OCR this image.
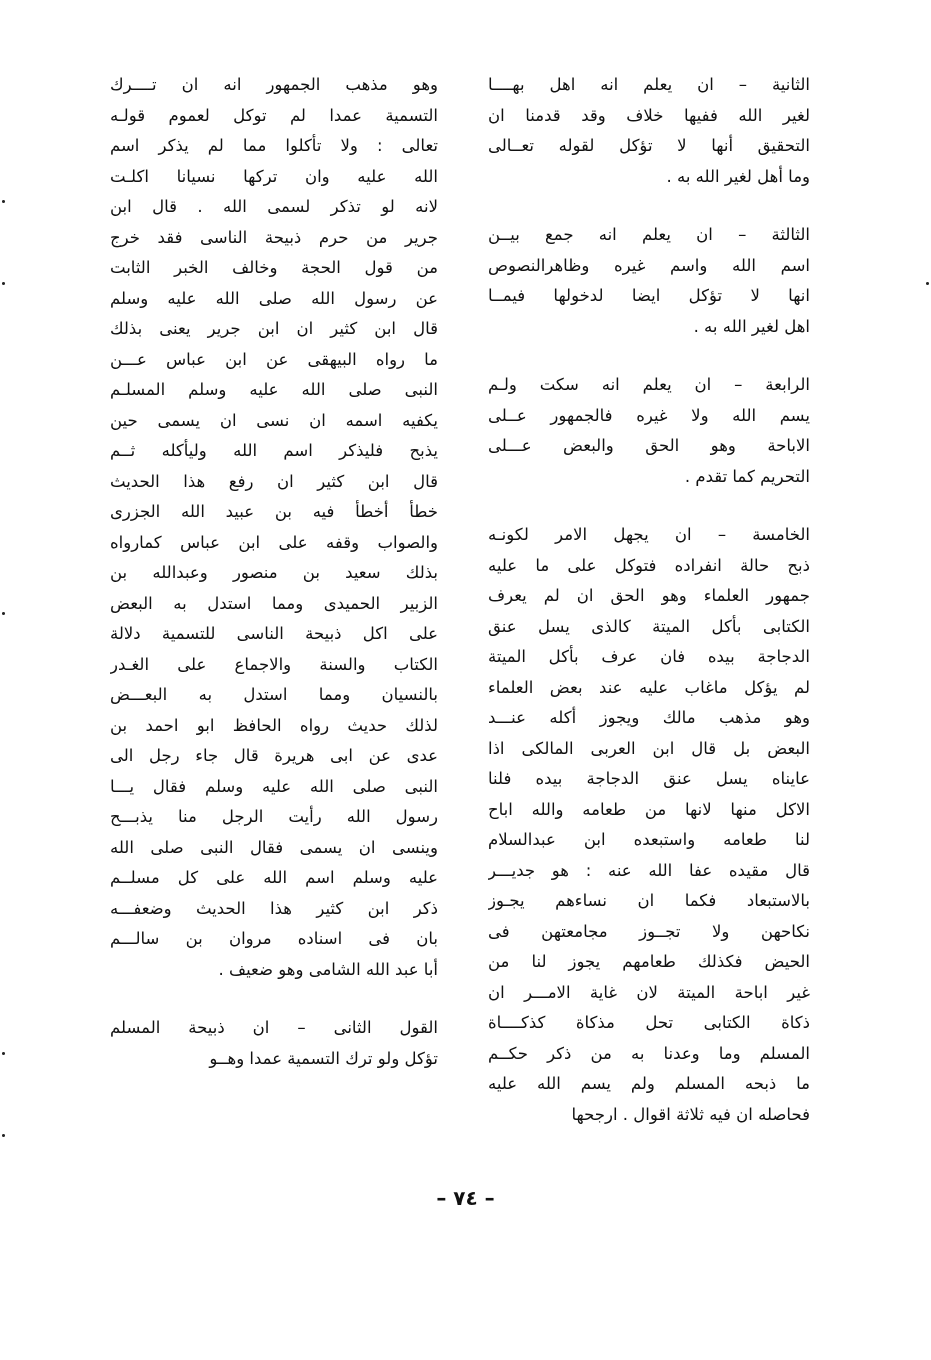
الثانية – ان يعلم انه اهل بهــــا
لغير الله ففيها خلاف وقد قدمنا ان
التحقيق أنها لا تؤكل لقوله تعــالى
وما أهل لغير الله به .
الثالثة – ان يعلم انه جمع بيــن
اسم الله واسم غيره وظاهرالنصوص
انها لا تؤكل ايضا لدخولها فيمــا
اهل لغير الله به .
الرابعة – ان يعلم انه سكت ولـم
يسم الله ولا غيره فالجمهور عــلى
الاباحة وهو الحق والبعض عـــلى
التحريم كما تقدم .
الخامسة – ان يجهل الامر لكونـه
ذبح حالة انفراده فتوكل على ما عليه
جمهور العلماء وهو الحق ان لم يعرف
الكتابى بأكل الميتة كالذى يسل عنق
الدجاجة بيده فان عرف بأكل الميتة
لم يؤكل ماغاب عليه عند بعض العلماء
وهو مذهب مالك ويجوز أكله عنـــد
البعض بل قال ابن العربى المالكى اذا
عايناه يسل عنق الدجاجة بيده فلنا
الاكل منها لانها من طعامه والله اباح
لنا طعامه واستبعده ابن عبدالسلام
قال مقيده عفا الله عنه : هو جديـــر
بالاستبعاد فكما ان نساءهم يجـوز
نكاحهن ولا تجــوز مجامعتهن فى
الحيض فكذلك طعامهم يجوز لنا من
غير اباحة الميتة لان غاية الامـــر ان
ذكاة الكتابى تحل مذكاة كذكــــاة
المسلم وما وعدنا به من ذكر حكــم
ما ذبحه المسلم ولم يسم الله عليه
فحاصله ان فيه ثلاثة اقوال . ارجحها
وهو مذهب الجمهور انه ان تــــرك
التسمية عمدا لم توكل لعموم قولـه
تعالى : ولا تأكلوا مما لم يذكر اسم
الله عليه وان تركها نسيانا اكلـت
لانه لو تذكر لسمى الله . قال ابن
جرير من حرم ذبيحة الناسى فقد خرج
من قول الحجة وخالف الخبر الثابت
عن رسول الله صلى الله عليه وسلم
قال ابن كثير ان ابن جرير يعنى بذلك
ما رواه البيهقى عن ابن عباس عـــن
النبى صلى الله عليه وسلم المسلـم
يكفيه اسمه ان نسى ان يسمى حين
يذبح فليذكر اسم الله وليأكله ثــم
قال ابن كثير ان رفع هذا الحديث
خطأ أخطأ فيه بن عبيد الله الجزرى
والصواب وقفه على ابن عباس كمارواه
بذلك سعيد بن منصور وعبدالله بن
الزبير الحميدى ومما استدل به البعض
على اكل ذبيحة الناسى للتسمية دلالة
الكتاب والسنة والاجماع على الغـدر
بالنسيان ومما استدل به البعـــض
لذلك حديث رواه الحافظ ابو احمد بن
عدى عن ابى هريرة قال جاء رجل الى
النبى صلى الله عليه وسلم فقال يـــا
رسول الله رأيت الرجل منا يذبـــح
وينسى ان يسمى فقال النبى صلى الله
عليه وسلم اسم الله على كل مسلــم
ذكر ابن كثير هذا الحديث وضعفـــه
بان فى اسناده مروان بن سالـــم
أبا عبد الله الشامى وهو ضعيف .
القول الثانى – ان ذبيحة المسلم
تؤكل ولو ترك التسمية عمدا وهــو
– ٧٤ –
